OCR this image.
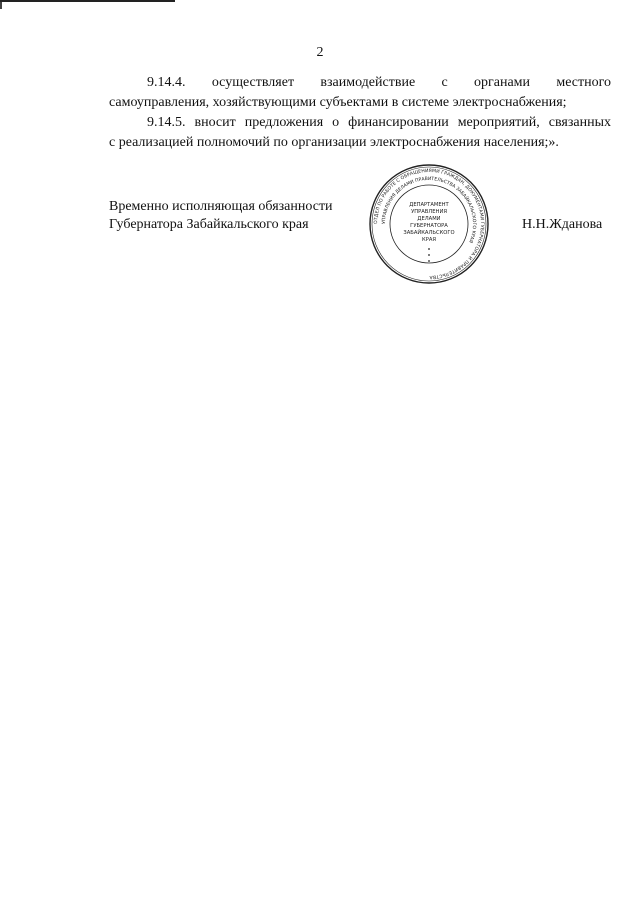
2
9.14.4. осуществляет взаимодействие с органами местного
самоуправления, хозяйствующими субъектами в системе электроснабжения;
9.14.5. вносит предложения о финансировании мероприятий, связанных
с реализацией полномочий по организации электроснабжения населения;».
Временно исполняющая обязанности
Губернатора Забайкальского края	Н.Н.Жданова
ОТДЕЛ ПО РАБОТЕ С ОБРАЩЕНИЯМИ ГРАЖДАН, ДОКУМЕНТАМИ ГУБЕРНАТОРА И ПРАВИТЕЛЬСТВА
УПРАВЛЕНИЯ ДЕЛАМИ ПРАВИТЕЛЬСТВА ЗАБАЙКАЛЬСКОГО КРАЯ
ДЕПАРТАМЕНТ
УПРАВЛЕНИЯ
ДЕЛАМИ
ГУБЕРНАТОРА
ЗАБАЙКАЛЬСКОГО
КРАЯ
